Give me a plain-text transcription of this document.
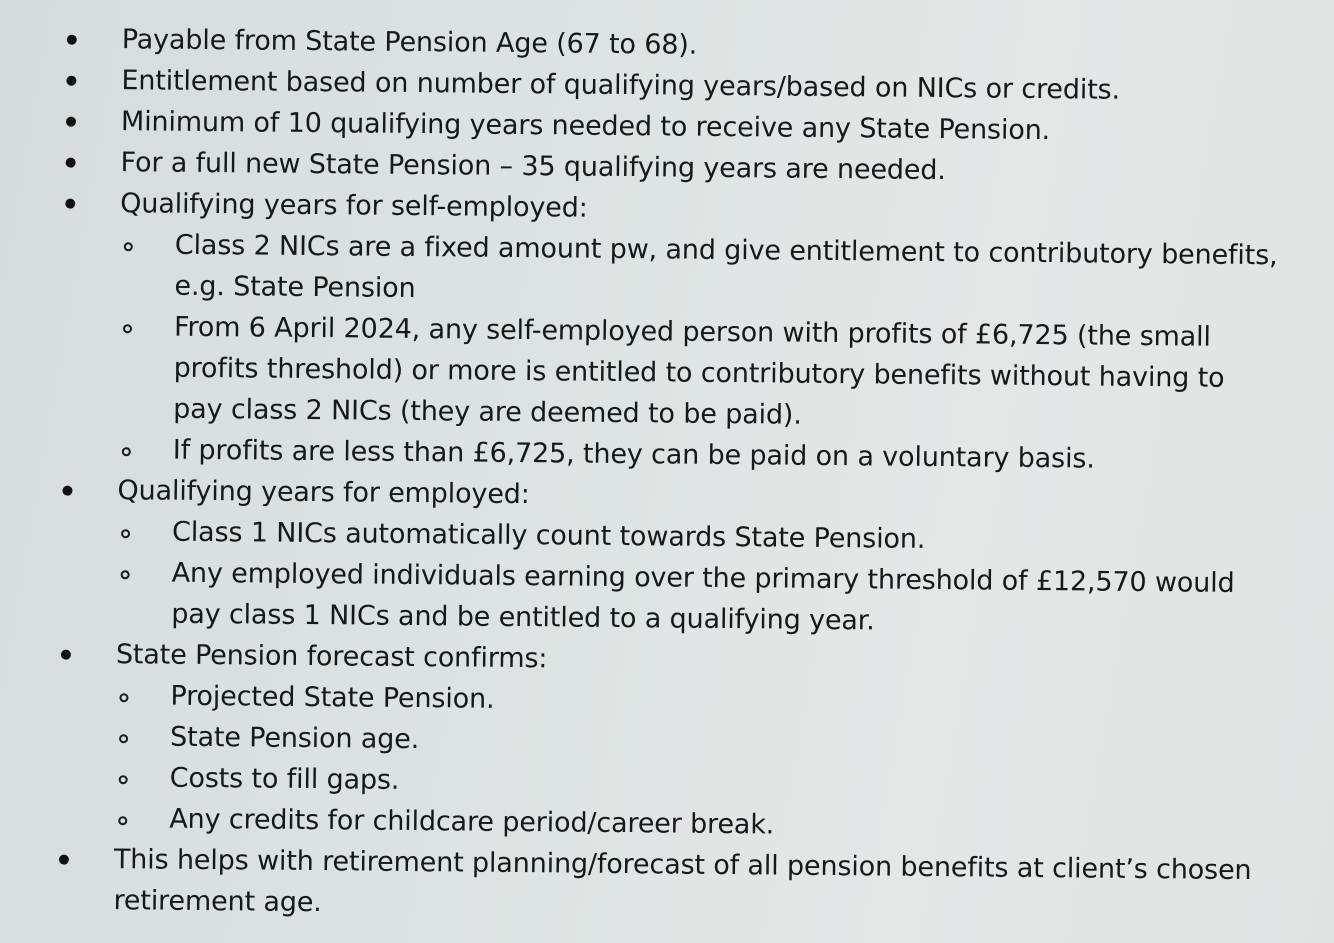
Payable from State Pension Age (67 to 68).
Entitlement based on number of qualifying years/based on NICs or credits.
Minimum of 10 qualifying years needed to receive any State Pension.
For a full new State Pension – 35 qualifying years are needed.
Qualifying years for self-employed:
Class 2 NICs are a fixed amount pw, and give entitlement to contributory benefits,
e.g. State Pension
From 6 April 2024, any self-employed person with profits of £6,725 (the small
profits threshold) or more is entitled to contributory benefits without having to
pay class 2 NICs (they are deemed to be paid).
If profits are less than £6,725, they can be paid on a voluntary basis.
Qualifying years for employed:
Class 1 NICs automatically count towards State Pension.
Any employed individuals earning over the primary threshold of £12,570 would
pay class 1 NICs and be entitled to a qualifying year.
State Pension forecast confirms:
Projected State Pension.
State Pension age.
Costs to fill gaps.
Any credits for childcare period/career break.
This helps with retirement planning/forecast of all pension benefits at client’s chosen
retirement age.
